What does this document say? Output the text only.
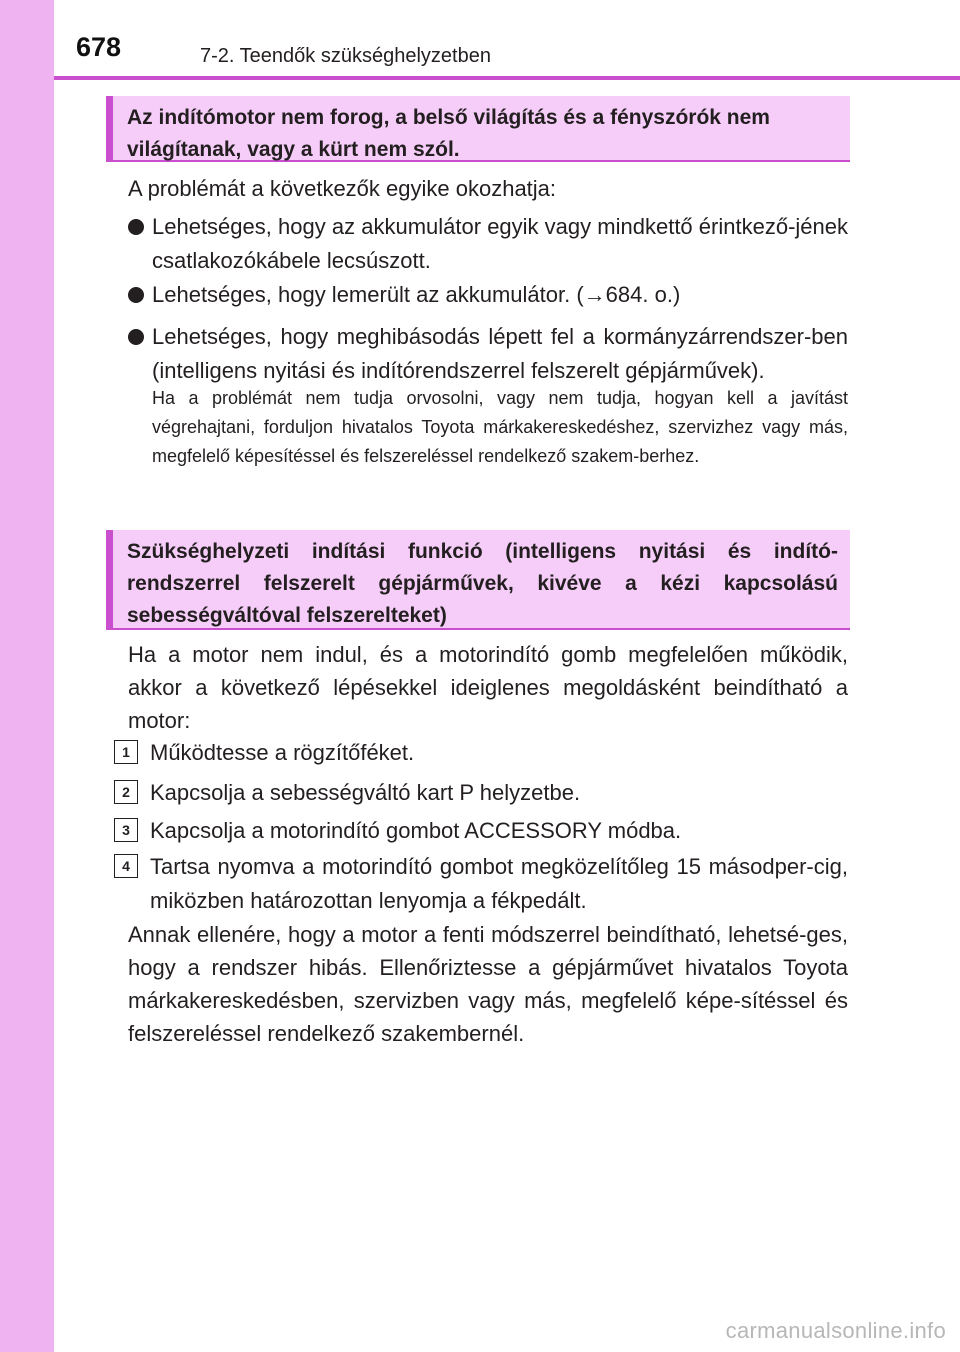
678	7-2. Teendők szükséghelyzetben
Az indítómotor nem forog, a belső világítás és a fényszórók nem világítanak, vagy a kürt nem szól.
A problémát a következők egyike okozhatja:
Lehetséges, hogy az akkumulátor egyik vagy mindkettő érintkező-jének csatlakozókábele lecsúszott.
Lehetséges, hogy lemerült az akkumulátor. (→684. o.)
Lehetséges, hogy meghibásodás lépett fel a kormányzárrendszer-ben (intelligens nyitási és indítórendszerrel felszerelt gépjárművek).
Ha a problémát nem tudja orvosolni, vagy nem tudja, hogyan kell a javítást végrehajtani, forduljon hivatalos Toyota márkakereskedéshez, szervizhez vagy más, megfelelő képesítéssel és felszereléssel rendelkező szakem-berhez.
Szükséghelyzeti indítási funkció (intelligens nyitási és indító-rendszerrel felszerelt gépjárművek, kivéve a kézi kapcsolású sebességváltóval felszerelteket)
Ha a motor nem indul, és a motorindító gomb megfelelően működik, akkor a következő lépésekkel ideiglenes megoldásként beindítható a motor:
1 Működtesse a rögzítőféket.
2 Kapcsolja a sebességváltó kart P helyzetbe.
3 Kapcsolja a motorindító gombot ACCESSORY módba.
4 Tartsa nyomva a motorindító gombot megközelítőleg 15 másodper-cig, miközben határozottan lenyomja a fékpedált.
Annak ellenére, hogy a motor a fenti módszerrel beindítható, lehetsé-ges, hogy a rendszer hibás. Ellenőriztesse a gépjárművet hivatalos Toyota márkakereskedésben, szervizben vagy más, megfelelő képe-sítéssel és felszereléssel rendelkező szakembernél.
carmanualsonline.info
